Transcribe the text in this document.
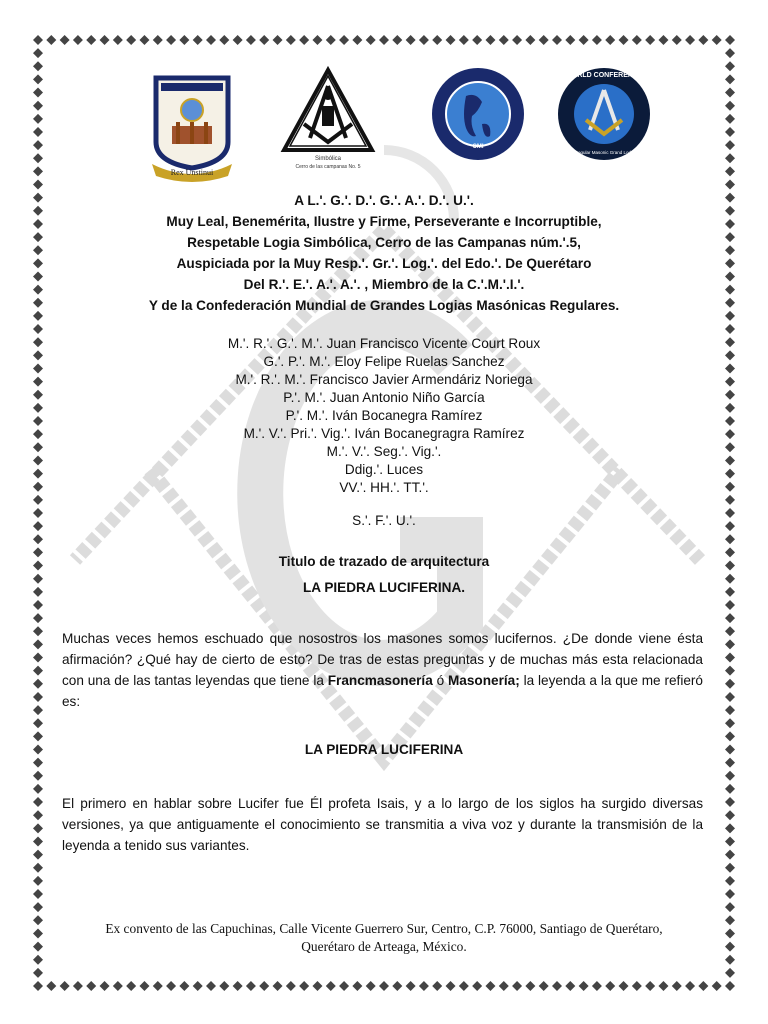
Rex Unstinui
Simbólica
Cerro de las campanas No. 5
CMI
WORLD CONFERENCE
of Regular Masonic Grand Lodges
A L.'. G.'. D.'. G.'. A.'. D.'. U.'.
Muy Leal, Benemérita, Ilustre y Firme, Perseverante e Incorruptible,
Respetable Logia Simbólica, Cerro de las Campanas núm.'.5,
Auspiciada por la Muy Resp.'. Gr.'. Log.'. del Edo.'. De Querétaro
Del R.'. E.'. A.'. A.'. , Miembro de la C.'.M.'.I.'.
Y de la Confederación Mundial de Grandes Logias Masónicas Regulares.
M.'. R.'. G.'. M.'. Juan Francisco Vicente Court Roux
G.'. P.'. M.'. Eloy Felipe Ruelas Sanchez
M.'. R.'. M.'. Francisco Javier Armendáriz Noriega
P.'. M.'. Juan Antonio Niño García
P.'. M.'. Iván Bocanegra Ramírez
M.'. V.'. Pri.'. Vig.'. Iván Bocanegragra Ramírez
M.'. V.'. Seg.'. Vig.'.
Ddig.'. Luces
VV.'. HH.'. TT.'.
S.'. F.'. U.'.
Titulo de trazado de arquitectura
LA PIEDRA LUCIFERINA.
Muchas veces hemos eschuado que nosostros los masones somos lucifernos. ¿De donde viene ésta afirmación? ¿Qué hay de cierto de esto? De tras de estas preguntas y de muchas más esta relacionada con una de las tantas leyendas que tiene la Francmasonería ó Masonería; la leyenda a la que me refieró es:
LA PIEDRA LUCIFERINA
El primero en hablar sobre Lucifer fue Él profeta Isais, y a lo largo de los siglos ha surgido diversas versiones, ya que antiguamente el conocimiento se transmitia a viva voz y durante la transmisión de la leyenda a tenido sus variantes.
Ex convento de las Capuchinas, Calle Vicente Guerrero Sur, Centro, C.P. 76000, Santiago de Querétaro,
Querétaro de Arteaga, México.
